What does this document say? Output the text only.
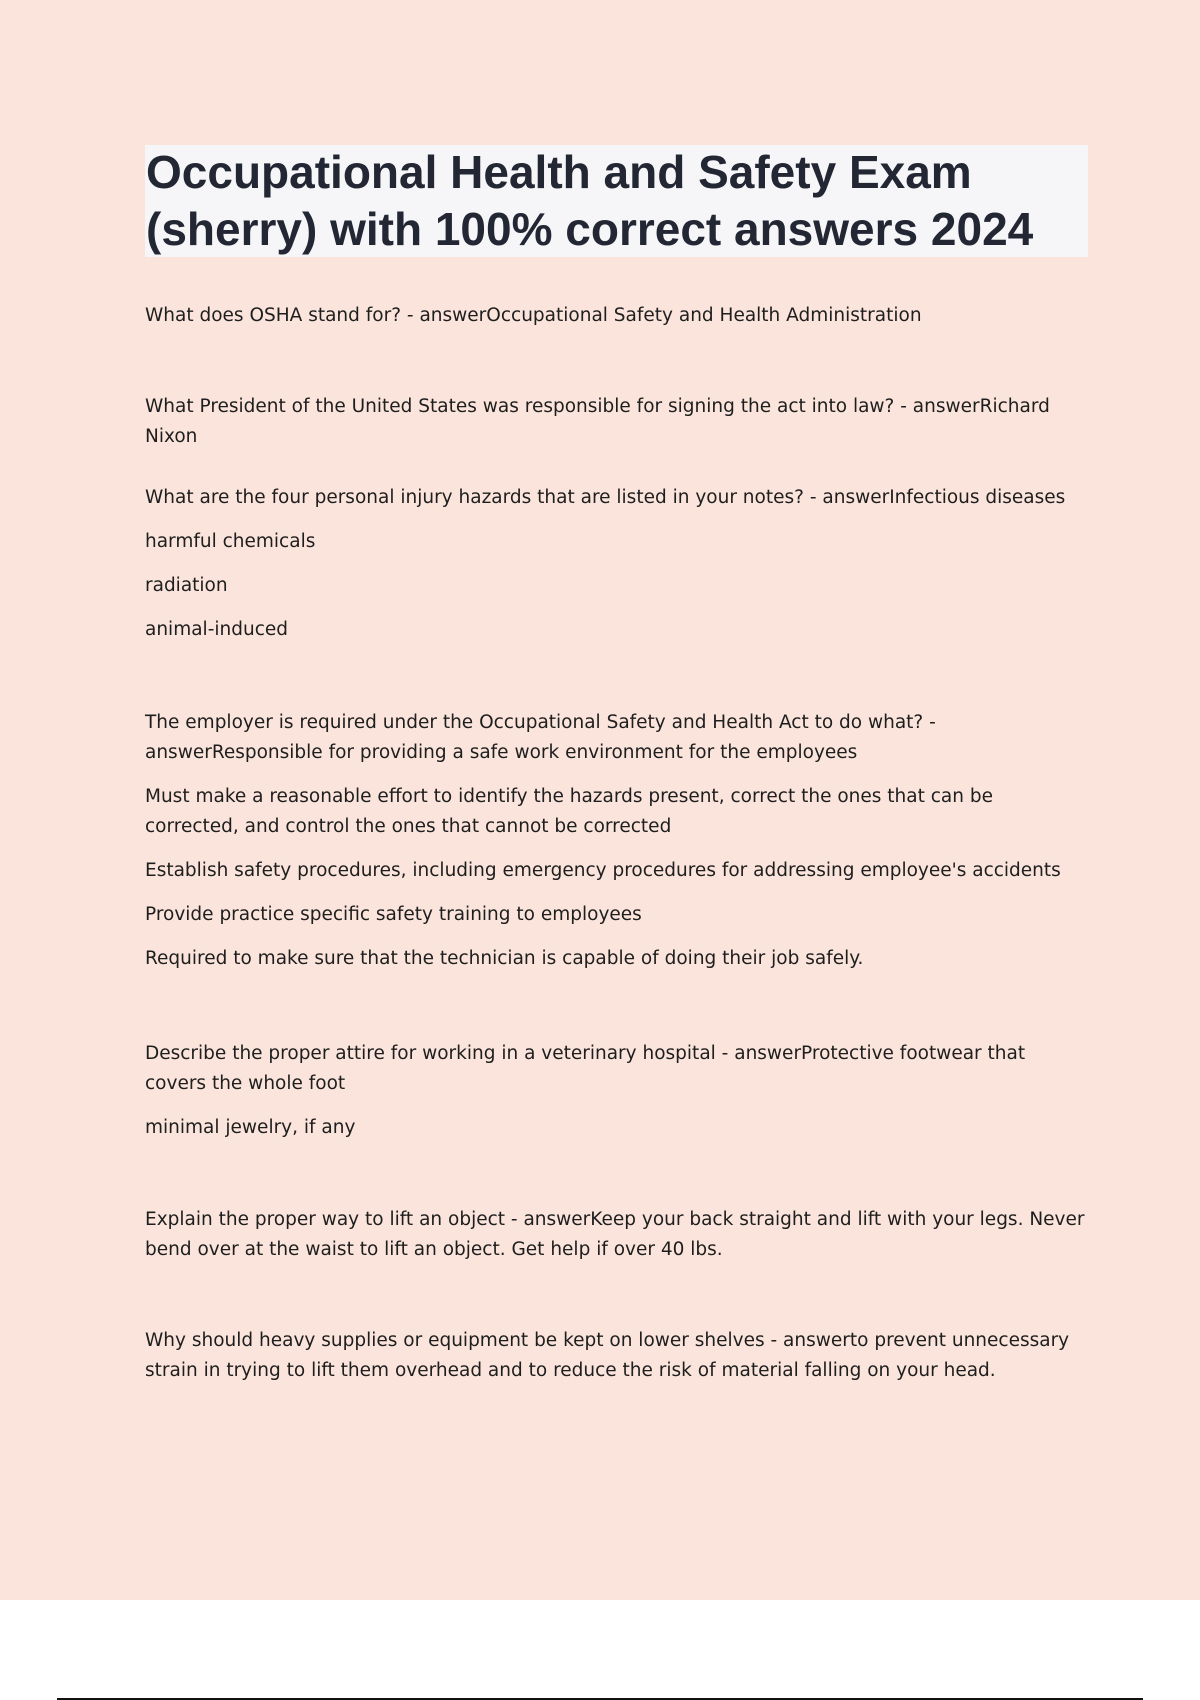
Occupational Health and Safety Exam
(sherry) with 100% correct answers 2024

What does OSHA stand for? - answerOccupational Safety and Health Administration

What President of the United States was responsible for signing the act into law? - answerRichard Nixon

What are the four personal injury hazards that are listed in your notes? - answerInfectious diseases

harmful chemicals

radiation

animal-induced

The employer is required under the Occupational Safety and Health Act to do what? - answerResponsible for providing a safe work environment for the employees

Must make a reasonable effort to identify the hazards present, correct the ones that can be corrected, and control the ones that cannot be corrected

Establish safety procedures, including emergency procedures for addressing employee's accidents

Provide practice specific safety training to employees

Required to make sure that the technician is capable of doing their job safely.

Describe the proper attire for working in a veterinary hospital - answerProtective footwear that covers the whole foot

minimal jewelry, if any

Explain the proper way to lift an object - answerKeep your back straight and lift with your legs. Never bend over at the waist to lift an object. Get help if over 40 lbs.

Why should heavy supplies or equipment be kept on lower shelves - answerto prevent unnecessary strain in trying to lift them overhead and to reduce the risk of material falling on your head.
